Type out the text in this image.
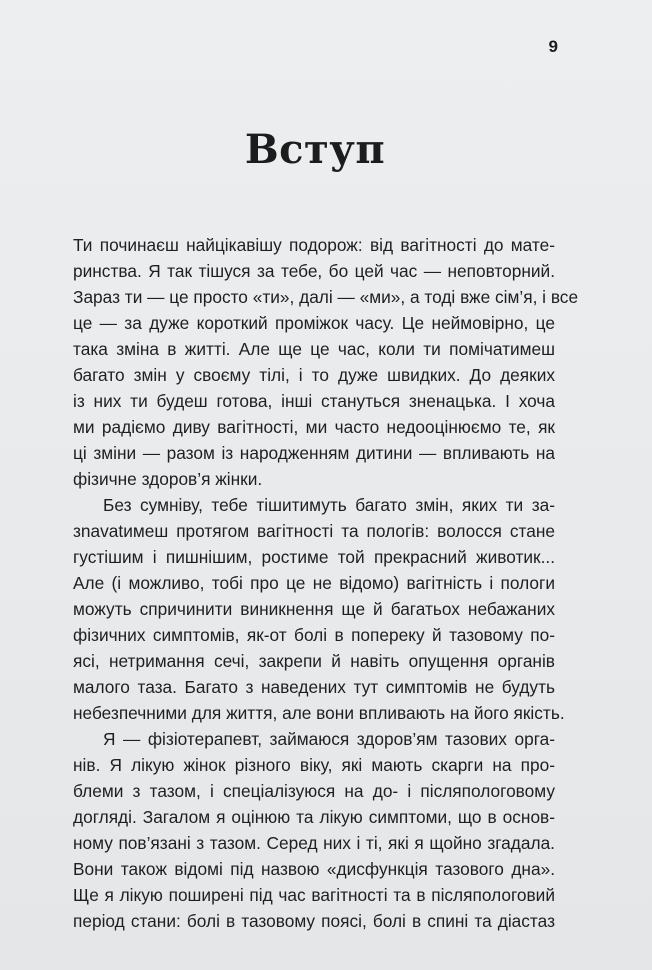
9
Вступ
Ти починаєш найцікавішу подорож: від вагітності до мате-
ринства. Я так тішуся за тебе, бо цей час — неповторний.
Зараз ти — це просто «ти», далі — «ми», а тоді вже сім’я, і все
це — за дуже короткий проміжок часу. Це неймовірно, це
така зміна в житті. Але ще це час, коли ти помічатимеш
багато змін у своєму тілі, і то дуже швидких. До деяких
із них ти будеш готова, інші стануться зненацька. І хоча
ми радіємо диву вагітності, ми часто недооцінюємо те, як
ці зміни — разом із народженням дитини — впливають на
фізичне здоров’я жінки.
Без сумніву, тебе тішитимуть багато змін, яких ти за-
зnavatимеш протягом вагітності та пологів: волосся стане
густішим і пишнішим, ростиме той прекрасний животик...
Але (і можливо, тобі про це не відомо) вагітність і пологи
можуть спричинити виникнення ще й багатьох небажаних
фізичних симптомів, як-от болі в попереку й тазовому по-
ясі, нетримання сечі, закрепи й навіть опущення органів
малого таза. Багато з наведених тут симптомів не будуть
небезпечними для життя, але вони впливають на його якість.
Я — фізіотерапевт, займаюся здоров’ям тазових орга-
нів. Я лікую жінок різного віку, які мають скарги на про-
блеми з тазом, і спеціалізуюся на до- і післяпологовому
догляді. Загалом я оцінюю та лікую симптоми, що в основ-
ному пов’язані з тазом. Серед них і ті, які я щойно згадала.
Вони також відомі під назвою «дисфункція тазового дна».
Ще я лікую поширені під час вагітності та в післяпологовий
період стани: болі в тазовому поясі, болі в спині та діастаз
